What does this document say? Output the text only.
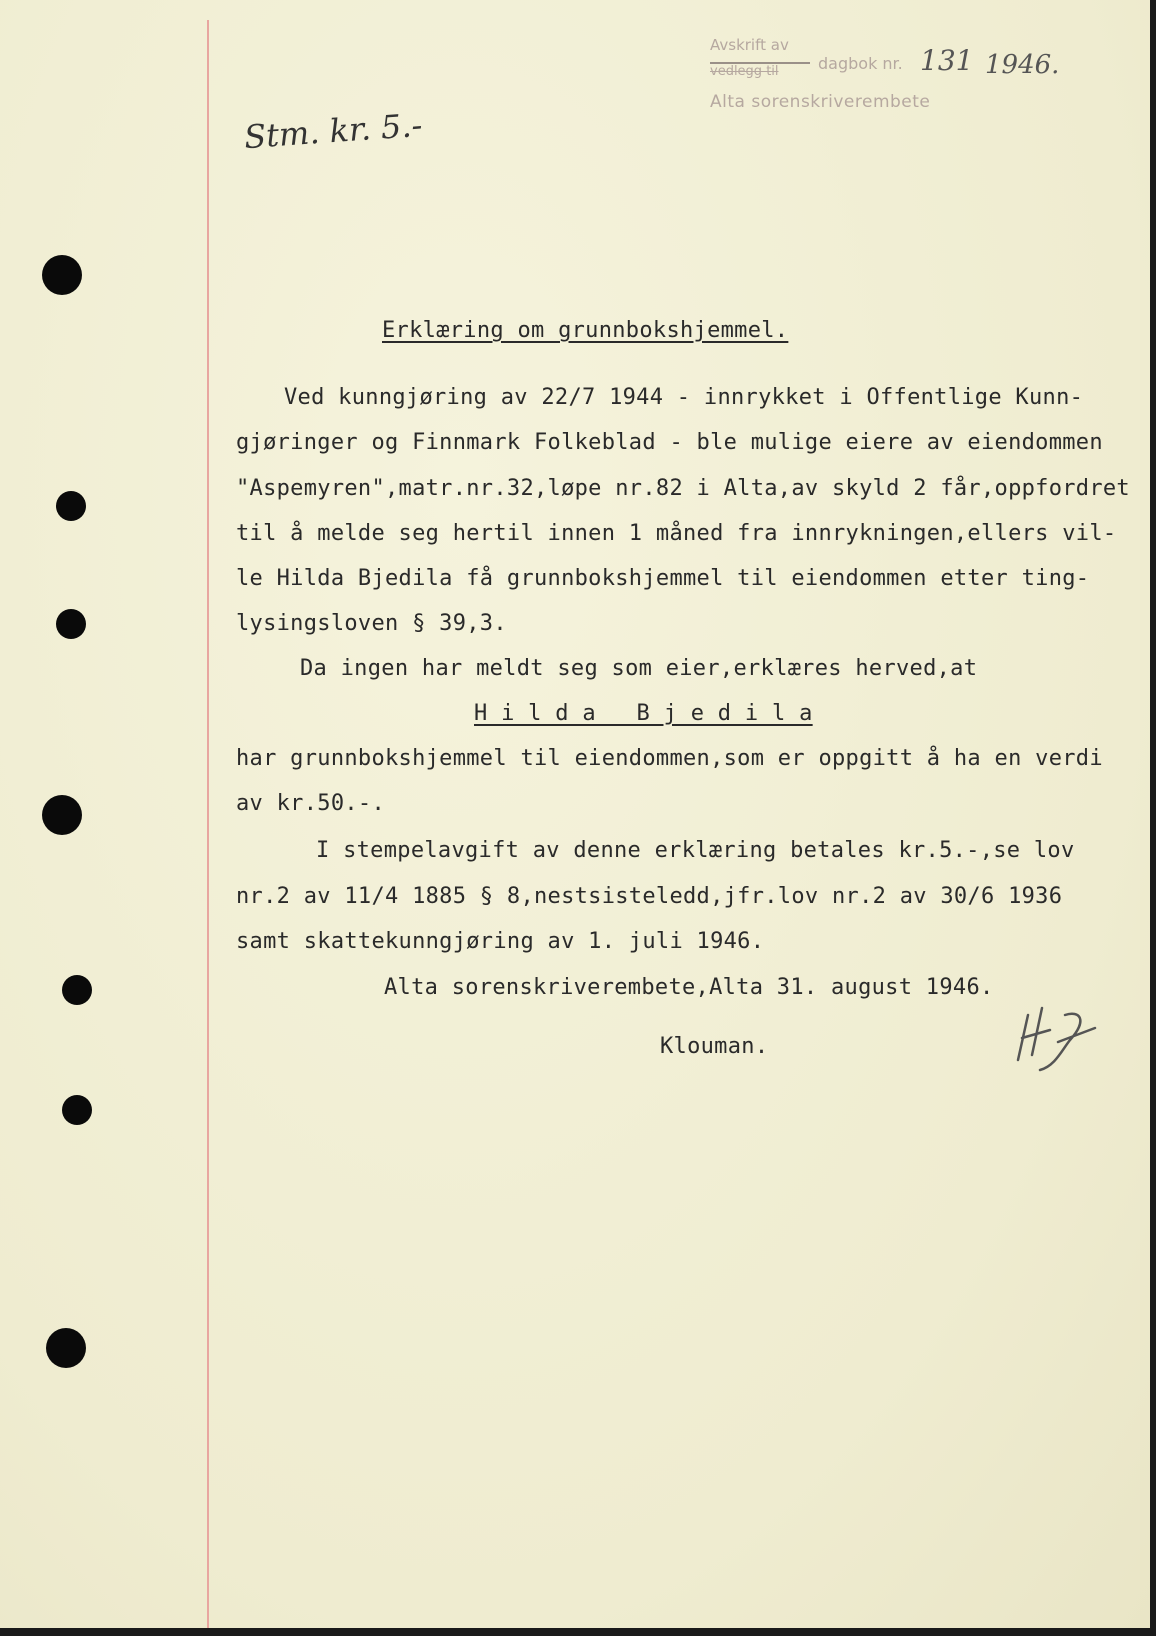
Avskrift av
vedlegg til dagbok nr. 131 1946.
Alta sorenskriverembete
Stm. kr. 5.-
Erklæring om grunnbokshjemmel.
Ved kunngjøring av 22/7 1944 - innrykket i Offentlige Kunn-
gjøringer og Finnmark Folkeblad - ble mulige eiere av eiendommen
"Aspemyren",matr.nr.32,løpe nr.82 i Alta,av skyld 2 får,oppfordret
til å melde seg hertil innen 1 måned fra innrykningen,ellers vil-
le Hilda Bjedila få grunnbokshjemmel til eiendommen etter ting-
lysingsloven § 39,3.
Da ingen har meldt seg som eier,erklæres herved,at
H i l d a   B j e d i l a
har grunnbokshjemmel til eiendommen,som er oppgitt å ha en verdi
av kr.50.-.
I stempelavgift av denne erklæring betales kr.5.-,se lov
nr.2 av 11/4 1885 § 8,nestsisteledd,jfr.lov nr.2 av 30/6 1936
samt skattekunngjøring av 1. juli 1946.
Alta sorenskriverembete,Alta 31. august 1946.
Klouman.
